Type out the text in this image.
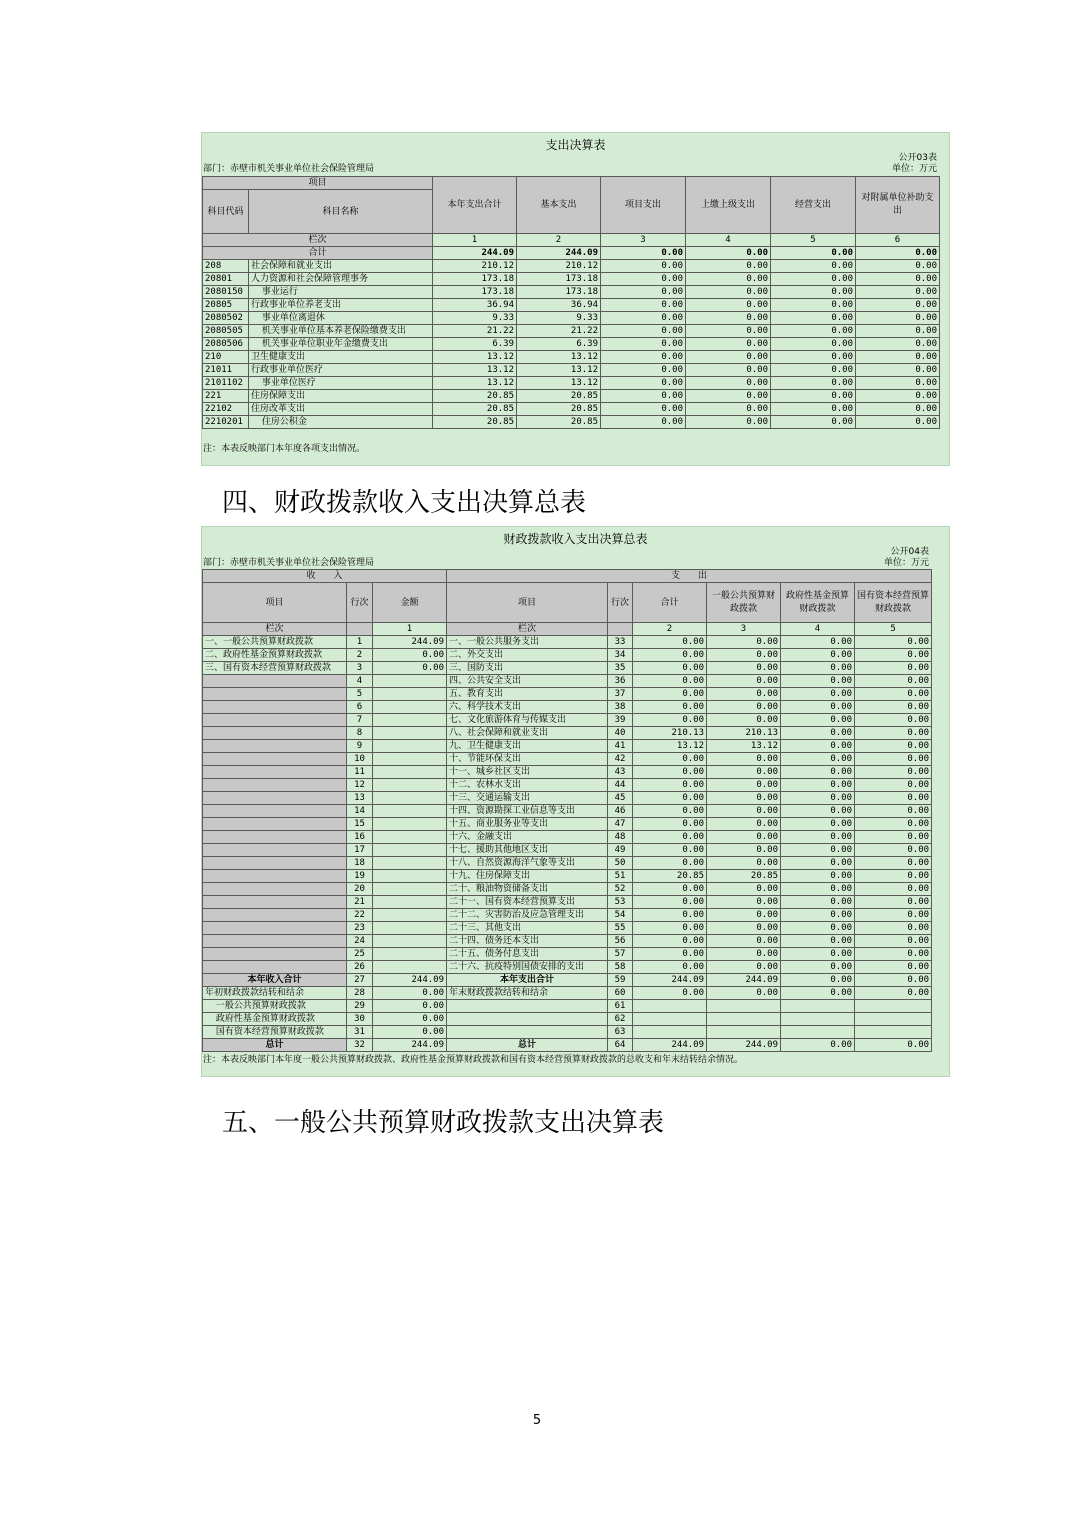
支出决算表
公开03表
部门：赤壁市机关事业单位社会保险管理局	单位：万元
项目		本年支出合计	基本支出	项目支出	上缴上级支出	经营支出	对附属单位补助支出
科目代码	科目名称						
栏次		1	2	3	4	5	6
合计		244.09	244.09	0.00	0.00	0.00	0.00
208	社会保障和就业支出	210.12	210.12	0.00	0.00	0.00	0.00
20801	人力资源和社会保障管理事务	173.18	173.18	0.00	0.00	0.00	0.00
2080150	事业运行	173.18	173.18	0.00	0.00	0.00	0.00
20805	行政事业单位养老支出	36.94	36.94	0.00	0.00	0.00	0.00
2080502	事业单位离退休	9.33	9.33	0.00	0.00	0.00	0.00
2080505	机关事业单位基本养老保险缴费支出	21.22	21.22	0.00	0.00	0.00	0.00
2080506	机关事业单位职业年金缴费支出	6.39	6.39	0.00	0.00	0.00	0.00
210	卫生健康支出	13.12	13.12	0.00	0.00	0.00	0.00
21011	行政事业单位医疗	13.12	13.12	0.00	0.00	0.00	0.00
2101102	事业单位医疗	13.12	13.12	0.00	0.00	0.00	0.00
221	住房保障支出	20.85	20.85	0.00	0.00	0.00	0.00
22102	住房改革支出	20.85	20.85	0.00	0.00	0.00	0.00
2210201	住房公积金	20.85	20.85	0.00	0.00	0.00	0.00
注：本表反映部门本年度各项支出情况。
四、财政拨款收入支出决算总表
财政拨款收入支出决算总表
公开04表
部门：赤壁市机关事业单位社会保险管理局	单位：万元
收　　入			支　　出					
项目	行次	金额	项目	行次	合计	一般公共预算财政拨款	政府性基金预算财政拨款	国有资本经营预算财政拨款
栏次		1	栏次		2	3	4	5
一、一般公共预算财政拨款	1	244.09	一、一般公共服务支出	33	0.00	0.00	0.00	0.00
二、政府性基金预算财政拨款	2	0.00	二、外交支出	34	0.00	0.00	0.00	0.00
三、国有资本经营预算财政拨款	3	0.00	三、国防支出	35	0.00	0.00	0.00	0.00
	4		四、公共安全支出	36	0.00	0.00	0.00	0.00
	5		五、教育支出	37	0.00	0.00	0.00	0.00
	6		六、科学技术支出	38	0.00	0.00	0.00	0.00
	7		七、文化旅游体育与传媒支出	39	0.00	0.00	0.00	0.00
	8		八、社会保障和就业支出	40	210.13	210.13	0.00	0.00
	9		九、卫生健康支出	41	13.12	13.12	0.00	0.00
	10		十、节能环保支出	42	0.00	0.00	0.00	0.00
	11		十一、城乡社区支出	43	0.00	0.00	0.00	0.00
	12		十二、农林水支出	44	0.00	0.00	0.00	0.00
	13		十三、交通运输支出	45	0.00	0.00	0.00	0.00
	14		十四、资源勘探工业信息等支出	46	0.00	0.00	0.00	0.00
	15		十五、商业服务业等支出	47	0.00	0.00	0.00	0.00
	16		十六、金融支出	48	0.00	0.00	0.00	0.00
	17		十七、援助其他地区支出	49	0.00	0.00	0.00	0.00
	18		十八、自然资源海洋气象等支出	50	0.00	0.00	0.00	0.00
	19		十九、住房保障支出	51	20.85	20.85	0.00	0.00
	20		二十、粮油物资储备支出	52	0.00	0.00	0.00	0.00
	21		二十一、国有资本经营预算支出	53	0.00	0.00	0.00	0.00
	22		二十二、灾害防治及应急管理支出	54	0.00	0.00	0.00	0.00
	23		二十三、其他支出	55	0.00	0.00	0.00	0.00
	24		二十四、债务还本支出	56	0.00	0.00	0.00	0.00
	25		二十五、债务付息支出	57	0.00	0.00	0.00	0.00
	26		二十六、抗疫特别国债安排的支出	58	0.00	0.00	0.00	0.00
本年收入合计	27	244.09	本年支出合计	59	244.09	244.09	0.00	0.00
年初财政拨款结转和结余	28	0.00	年末财政拨款结转和结余	60	0.00	0.00	0.00	0.00
一般公共预算财政拨款	29	0.00		61				
政府性基金预算财政拨款	30	0.00		62				
国有资本经营预算财政拨款	31	0.00		63				
总计	32	244.09	总计	64	244.09	244.09	0.00	0.00
注：本表反映部门本年度一般公共预算财政拨款、政府性基金预算财政拨款和国有资本经营预算财政拨款的总收支和年末结转结余情况。
五、一般公共预算财政拨款支出决算表
5
